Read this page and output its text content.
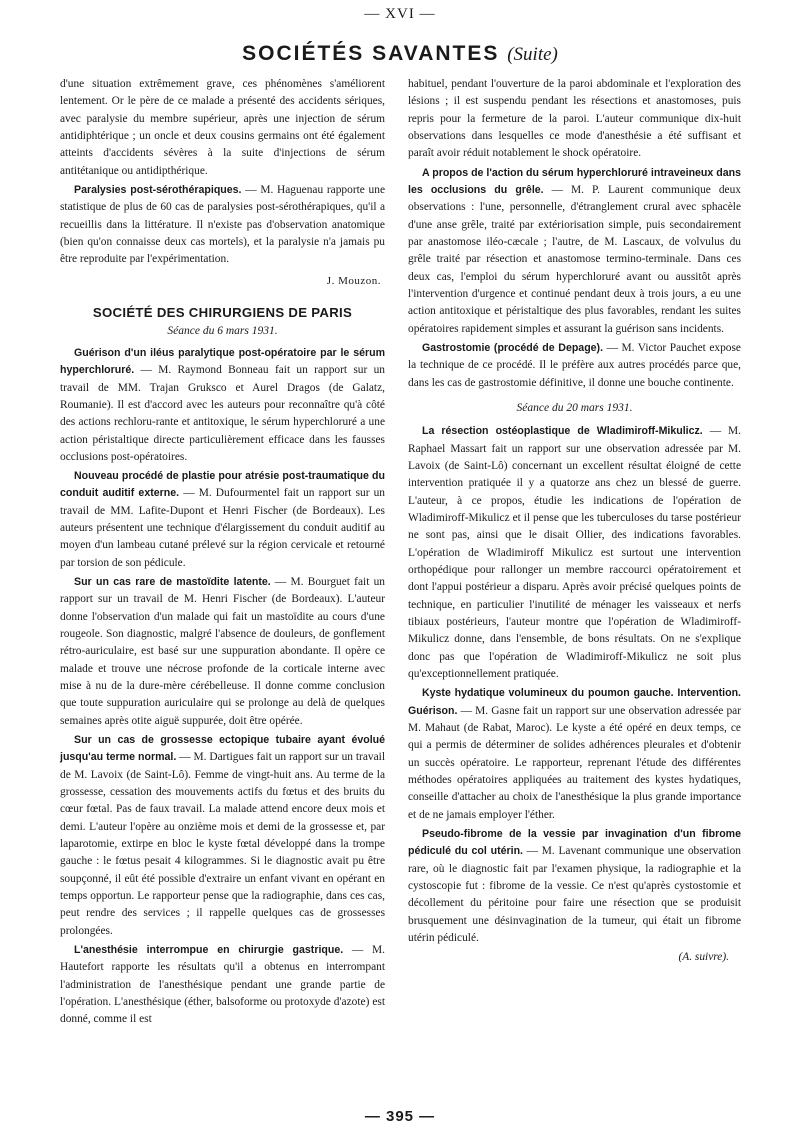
— XVI —
SOCIÉTÉS SAVANTES (Suite)

d'une situation extrêmement grave, ces phénomènes s'améliorent lentement. Or le père de ce malade a présenté des accidents sériques, avec paralysie du membre supérieur, après une injection de sérum antidiphtérique ; un oncle et deux cousins germains ont été également atteints d'accidents sévères à la suite d'injections de sérum antitétanique ou antidipthérique.

Paralysies post-sérothérapiques. — M. Haguenau rapporte une statistique de plus de 60 cas de paralysies post-sérothérapiques, qu'il a recueillis dans la littérature. Il n'existe pas d'observation anatomique (bien qu'on connaisse deux cas mortels), et la paralysie n'a jamais pu être reproduite par l'expérimentation.

J. Mouzon.
SOCIÉTÉ DES CHIRURGIENS DE PARIS
Séance du 6 mars 1931.

Guérison d'un iléus paralytique post-opératoire par le sérum hyperchloruré. — M. Raymond Bonneau fait un rapport sur un travail de MM. Trajan Gruksco et Aurel Dragos (de Galatz, Roumanie). Il est d'accord avec les auteurs pour reconnaître qu'à côté des actions rechloru-rante et antitoxique, le sérum hyperchloruré a une action péristaltique directe particulièrement efficace dans les fausses occlusions post-opératoires.

Nouveau procédé de plastie pour atrésie post-traumatique du conduit auditif externe. — M. Dufourmentel fait un rapport sur un travail de MM. Lafite-Dupont et Henri Fischer (de Bordeaux). Les auteurs présentent une technique d'élargissement du conduit auditif au moyen d'un lambeau cutané prélevé sur la région cervicale et retourné par torsion de son pédicule.

Sur un cas rare de mastoïdite latente. — M. Bourguet fait un rapport sur un travail de M. Henri Fischer (de Bordeaux). L'auteur donne l'observation d'un malade qui fait un mastoïdite au cours d'une rougeole. Son diagnostic, malgré l'absence de douleurs, de gonflement rétro-auriculaire, est basé sur une suppuration abondante. Il opère ce malade et trouve une nécrose profonde de la corticale interne avec mise à nu de la dure-mère cérébelleuse. Il donne comme conclusion que toute suppuration auriculaire qui se prolonge au delà de quelques semaines après otite aiguë suppurée, doit être opérée.

Sur un cas de grossesse ectopique tubaire ayant évolué jusqu'au terme normal. — M. Dartigues fait un rapport sur un travail de M. Lavoix (de Saint-Lô). Femme de vingt-huit ans. Au terme de la grossesse, cessation des mouvements actifs du fœtus et des bruits du cœur fœtal. Pas de faux travail. La malade attend encore deux mois et demi. L'auteur l'opère au onzième mois et demi de la grossesse et, par laparotomie, extirpe en bloc le kyste fœtal développé dans la trompe gauche : le fœtus pesait 4 kilogrammes. Si le diagnostic avait pu être soupçonné, il eût été possible d'extraire un enfant vivant en opérant en temps opportun. Le rapporteur pense que la radiographie, dans ces cas, peut rendre des services ; il rappelle quelques cas de grossesses prolongées.

L'anesthésie interrompue en chirurgie gastrique. — M. Hautefort rapporte les résultats qu'il a obtenus en interrompant l'administration de l'anesthésique pendant une grande partie de l'opération. L'anesthésique (éther, balsoforme ou protoxyde d'azote) est donné, comme il est

habituel, pendant l'ouverture de la paroi abdominale et l'exploration des lésions ; il est suspendu pendant les résections et anastomoses, puis repris pour la fermeture de la paroi. L'auteur communique dix-huit observations dans lesquelles ce mode d'anesthésie a été suffisant et paraît avoir réduit notablement le shock opératoire.

A propos de l'action du sérum hyperchloruré intraveineux dans les occlusions du grêle. — M. P. Laurent communique deux observations : l'une, personnelle, d'étranglement crural avec sphacèle d'une anse grêle, traité par extériorisation simple, puis secondairement par anastomose iléo-cæcale ; l'autre, de M. Lascaux, de volvulus du grêle traité par résection et anastomose termino-terminale. Dans ces deux cas, l'emploi du sérum hyperchloruré avant ou aussitôt après l'intervention d'urgence et continué pendant deux à trois jours, a eu une action antitoxique et péristaltique des plus favorables, rendant les suites opératoires rapidement simples et assurant la guérison sans incidents.

Gastrostomie (procédé de Depage). — M. Victor Pauchet expose la technique de ce procédé. Il le préfère aux autres procédés parce que, dans les cas de gastrostomie définitive, il donne une bouche continente.

Séance du 20 mars 1931.

La résection ostéoplastique de Wladimiroff-Mikulicz. — M. Raphael Massart fait un rapport sur une observation adressée par M. Lavoix (de Saint-Lô) concernant un excellent résultat éloigné de cette intervention pratiquée il y a quatorze ans chez un blessé de guerre. L'auteur, à ce propos, étudie les indications de l'opération de Wladimiroff-Mikulicz et il pense que les tuberculoses du tarse postérieur ne sont pas, ainsi que le disait Ollier, des indications favorables. L'opération de Wladimiroff Mikulicz est surtout une intervention orthopédique pour rallonger un membre raccourci opératoirement et dont l'appui postérieur a disparu. Après avoir précisé quelques points de technique, en particulier l'inutilité de ménager les vaisseaux et nerfs tibiaux postérieurs, l'auteur montre que l'opération de Wladimiroff-Mikulicz donne, dans l'ensemble, de bons résultats. On ne s'explique donc pas que l'opération de Wladimiroff-Mikulicz ne soit plus qu'exceptionnellement pratiquée.

Kyste hydatique volumineux du poumon gauche. Intervention. Guérison. — M. Gasne fait un rapport sur une observation adressée par M. Mahaut (de Rabat, Maroc). Le kyste a été opéré en deux temps, ce qui a permis de déterminer de solides adhérences pleurales et d'obtenir un succès opératoire. Le rapporteur, reprenant l'étude des différentes méthodes opératoires appliquées au traitement des kystes hydatiques, conseille d'attacher au choix de l'anesthésique la plus grande importance et de ne jamais employer l'éther.

Pseudo-fibrome de la vessie par invagination d'un fibrome pédiculé du col utérin. — M. Lavenant communique une observation rare, où le diagnostic fait par l'examen physique, la radiographie et la cystoscopie fut : fibrome de la vessie. Ce n'est qu'après cystostomie et décollement du péritoine pour faire une résection que se produisit brusquement une désinvagination de la tumeur, qui était un fibrome utérin pédiculé.

(A. suivre).
— 395 —
